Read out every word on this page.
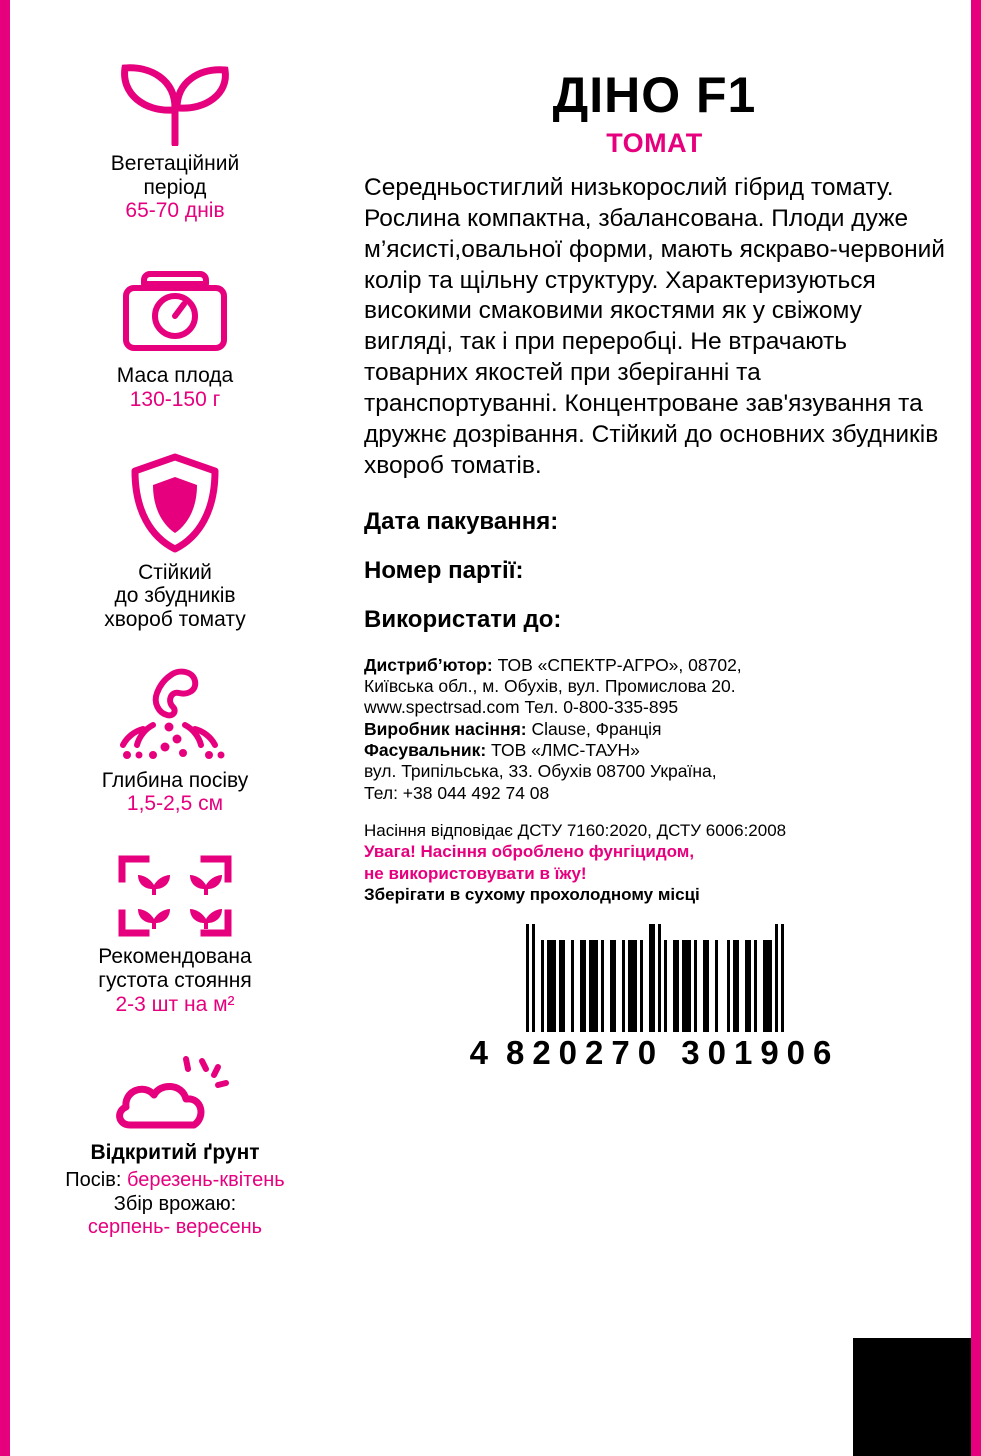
Вегетаційний
період
65-70 днів
Маса плода
130-150 г
Стійкий
до збудників
хвороб томату
Глибина посіву
1,5-2,5 см
Рекомендована
густота стояння
2-3 шт на м²
Відкритий ґрунт
Посів: березень-квітень
Збір врожаю:
серпень- вересень
ДІНО F1
ТОМАТ
Середньостиглий низькорослий гібрид томату. Рослина компактна, збалансована. Плоди дуже м’ясисті,овальної форми, мають яскраво-червоний колір та щільну структуру. Характеризуються високими смаковими якостями як у свіжому вигляді, так і при переробці. Не втрачають товарних якостей при зберіганні та транспортуванні. Концентроване зав'язування та дружнє дозрівання. Стійкий до основних збудників хвороб томатів.
Дата пакування:
Номер партії:
Використати до:
Дистриб’ютор: ТОВ «СПЕКТР-АГРО», 08702,
Київська обл., м. Обухів, вул. Промислова 20.
www.spectrsad.com Тел. 0-800-335-895
Виробник насіння: Clause, Франція
Фасувальник: ТОВ «ЛМС-ТАУН»
вул. Трипільська, 33. Обухів 08700 Україна,
Тел: +38 044 492 74 08
Насіння відповідає ДСТУ 7160:2020, ДСТУ 6006:2008
Увага! Насіння оброблено фунгіцидом,
не використовувати в їжу!
Зберігати в сухому прохолодному місці
4 820270 301906
